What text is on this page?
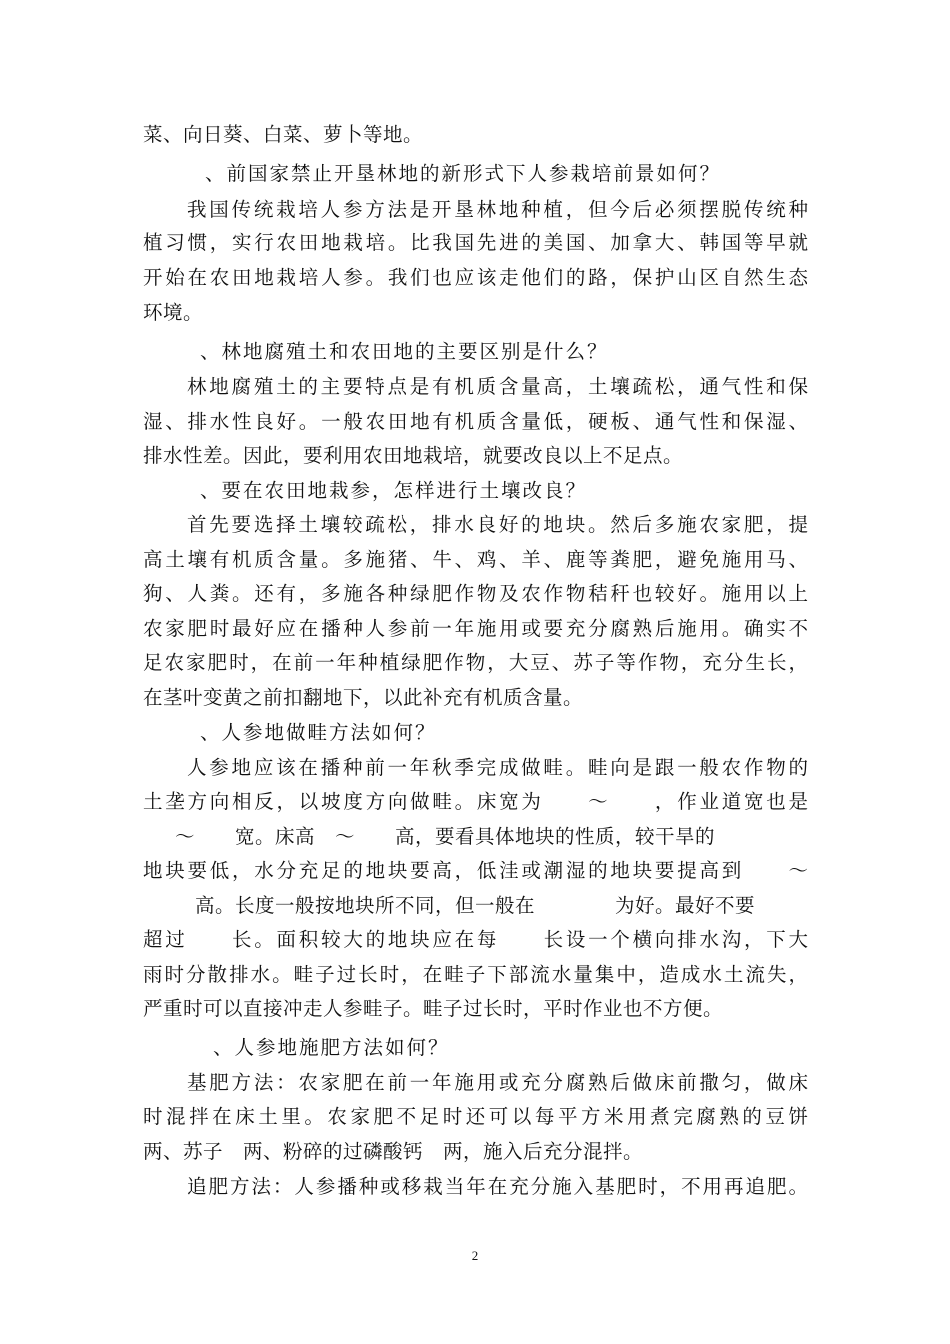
菜、向日葵、白菜、萝卜等地。
、前国家禁止开垦林地的新形式下人参栽培前景如何？
我国传统栽培人参方法是开垦林地种植，但今后必须摆脱传统种
植习惯，实行农田地栽培。比我国先进的美国、加拿大、韩国等早就
开始在农田地栽培人参。我们也应该走他们的路，保护山区自然生态
环境。
、林地腐殖土和农田地的主要区别是什么？
林地腐殖土的主要特点是有机质含量高，土壤疏松，通气性和保
湿、排水性良好。一般农田地有机质含量低，硬板、通气性和保湿、
排水性差。因此，要利用农田地栽培，就要改良以上不足点。
、要在农田地栽参，怎样进行土壤改良？
首先要选择土壤较疏松，排水良好的地块。然后多施农家肥，提
高土壤有机质含量。多施猪、牛、鸡、羊、鹿等粪肥，避免施用马、
狗、人粪。还有，多施各种绿肥作物及农作物秸秆也较好。施用以上
农家肥时最好应在播种人参前一年施用或要充分腐熟后施用。确实不
足农家肥时，在前一年种植绿肥作物，大豆、苏子等作物，充分生长，
在茎叶变黄之前扣翻地下，以此补充有机质含量。
、人参地做畦方法如何？
人参地应该在播种前一年秋季完成做畦。畦向是跟一般农作物的
土垄方向相反，以坡度方向做畦。床宽为　　～　　，作业道宽也是
～　　宽。床高　～　　高，要看具体地块的性质，较干旱的
地块要低，水分充足的地块要高，低洼或潮湿的地块要提高到　　～
高。长度一般按地块所不同，但一般在　　　　为好。最好不要
超过　　长。面积较大的地块应在每　　长设一个横向排水沟，下大
雨时分散排水。畦子过长时，在畦子下部流水量集中，造成水土流失，
严重时可以直接冲走人参畦子。畦子过长时，平时作业也不方便。
、人参地施肥方法如何？
基肥方法：农家肥在前一年施用或充分腐熟后做床前撒匀，做床
时混拌在床土里。农家肥不足时还可以每平方米用煮完腐熟的豆饼
两、苏子　两、粉碎的过磷酸钙　两，施入后充分混拌。
追肥方法：人参播种或移栽当年在充分施入基肥时，不用再追肥。
2
